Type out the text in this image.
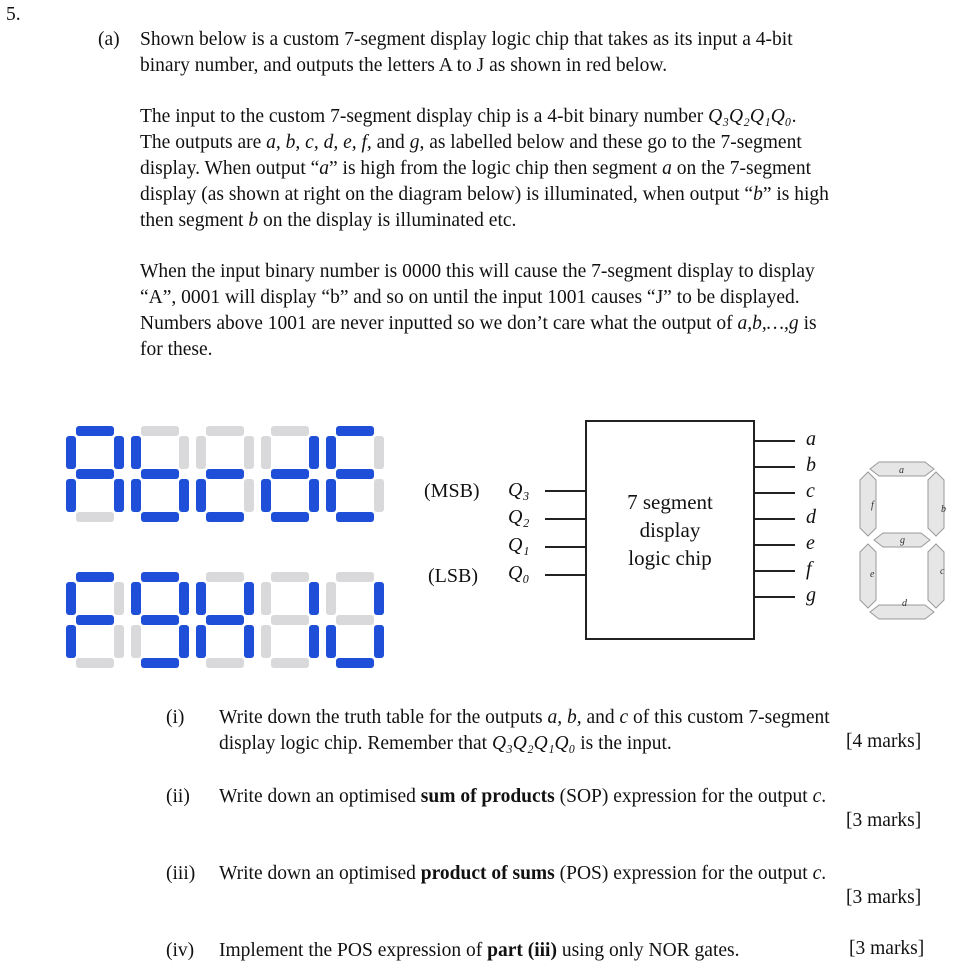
5.
(a) Shown below is a custom 7-segment display logic chip that takes as its input a 4-bit
binary number, and outputs the letters A to J as shown in red below.
The input to the custom 7-segment display chip is a 4-bit binary number Q₃Q₂Q₁Q₀.
The outputs are a, b, c, d, e, f, and g, as labelled below and these go to the 7-segment
display. When output “a” is high from the logic chip then segment a on the 7-segment
display (as shown at right on the diagram below) is illuminated, when output “b” is high
then segment b on the display is illuminated etc.
When the input binary number is 0000 this will cause the 7-segment display to display
“A”, 0001 will display “b” and so on until the input 1001 causes “J” to be displayed.
Numbers above 1001 are never inputted so we don’t care what the output of a,b,…,g is
for these.
(MSB)
(LSB)
Q₃
Q₂
Q₁
Q₀
7 segment
display
logic chip
a
b
c
d
e
f
g
a
b
c
d
e
f
g
(i) Write down the truth table for the outputs a, b, and c of this custom 7-segment
display logic chip. Remember that Q₃Q₂Q₁Q₀ is the input.	[4 marks]
(ii) Write down an optimised sum of products (SOP) expression for the output c.
[3 marks]
(iii) Write down an optimised product of sums (POS) expression for the output c.
[3 marks]
(iv) Implement the POS expression of part (iii) using only NOR gates.	[3 marks]
